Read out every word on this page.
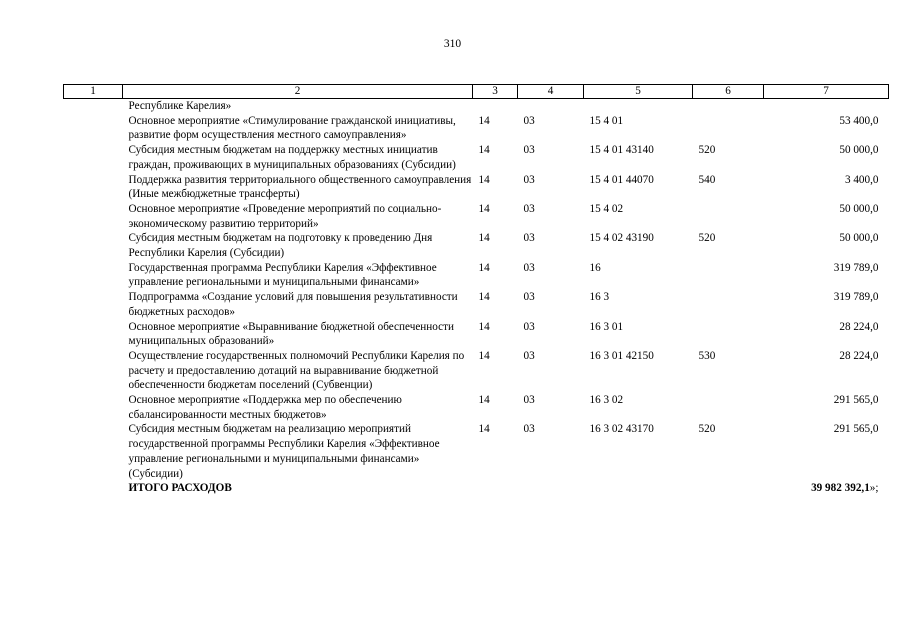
310
1	2	3	4	5	6	7
	Республике Карелия»					
	Основное мероприятие «Стимулирование гражданской инициативы, развитие форм осуществления местного самоуправления»	14	03	15 4 01		53 400,0
	Субсидия местным бюджетам на поддержку местных инициатив граждан, проживающих в муниципальных образованиях (Субсидии)	14	03	15 4 01 43140	520	50 000,0
	Поддержка развития территориального общественного самоуправления (Иные межбюджетные трансферты)	14	03	15 4 01 44070	540	3 400,0
	Основное мероприятие «Проведение мероприятий по социально-экономическому развитию территорий»	14	03	15 4 02		50 000,0
	Субсидия местным бюджетам на подготовку к проведению Дня Республики Карелия (Субсидии)	14	03	15 4 02 43190	520	50 000,0
	Государственная программа Республики Карелия «Эффективное управление региональными и муниципальными финансами»	14	03	16		319 789,0
	Подпрограмма «Создание условий для повышения результативности бюджетных расходов»	14	03	16 3		319 789,0
	Основное мероприятие «Выравнивание бюджетной обеспеченности муниципальных образований»	14	03	16 3 01		28 224,0
	Осуществление государственных полномочий Республики Карелия по расчету и предоставлению дотаций на выравнивание бюджетной обеспеченности бюджетам поселений (Субвенции)	14	03	16 3 01 42150	530	28 224,0
	Основное мероприятие «Поддержка мер по обеспечению сбалансированности местных бюджетов»	14	03	16 3 02		291 565,0
	Субсидия местным бюджетам на реализацию мероприятий государственной программы Республики Карелия «Эффективное управление региональными и муниципальными финансами» (Субсидии)	14	03	16 3 02 43170	520	291 565,0
	ИТОГО РАСХОДОВ					39 982 392,1»;
